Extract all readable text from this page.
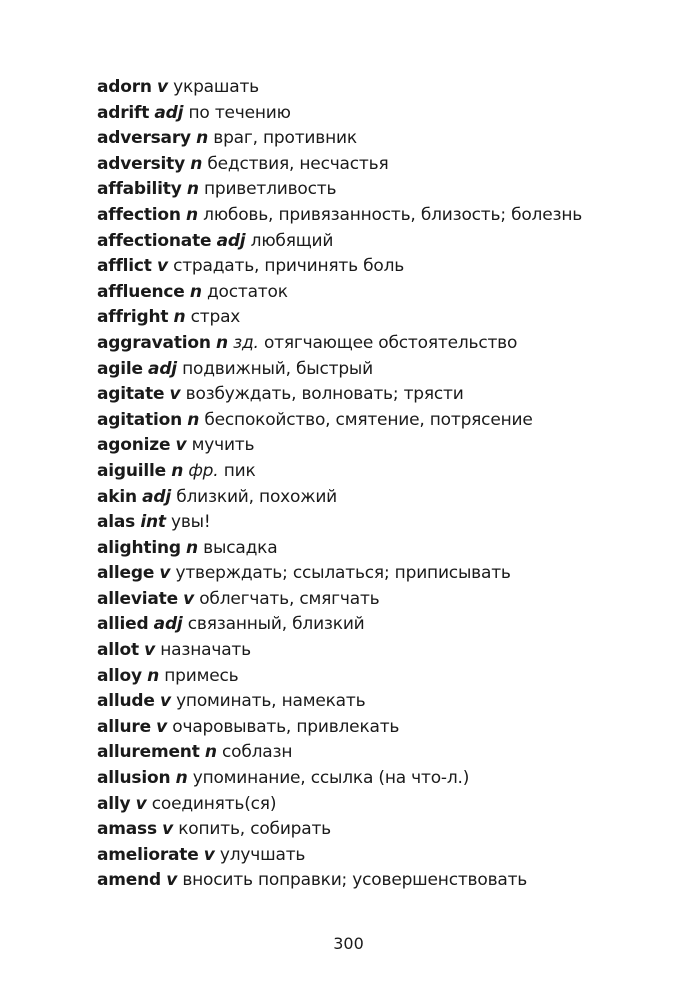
adorn v украшать
adrift adj по течению
adversary n враг, противник
adversity n бедствия, несчастья
affability n приветливость
affection n любовь, привязанность, близость; болезнь
affectionate adj любящий
afflict v страдать, причинять боль
affluence n достаток
affright n страх
aggravation n зд. отягчающее обстоятельство
agile adj подвижный, быстрый
agitate v возбуждать, волновать; трясти
agitation n беспокойство, смятение, потрясение
agonize v мучить
aiguille n фр. пик
akin adj близкий, похожий
alas int увы!
alighting n высадка
allege v утверждать; ссылаться; приписывать
alleviate v облегчать, смягчать
allied adj связанный, близкий
allot v назначать
alloy n примесь
allude v упоминать, намекать
allure v очаровывать, привлекать
allurement n соблазн
allusion n упоминание, ссылка (на что-л.)
ally v соединять(ся)
amass v копить, собирать
ameliorate v улучшать
amend v вносить поправки; усовершенствовать
300
